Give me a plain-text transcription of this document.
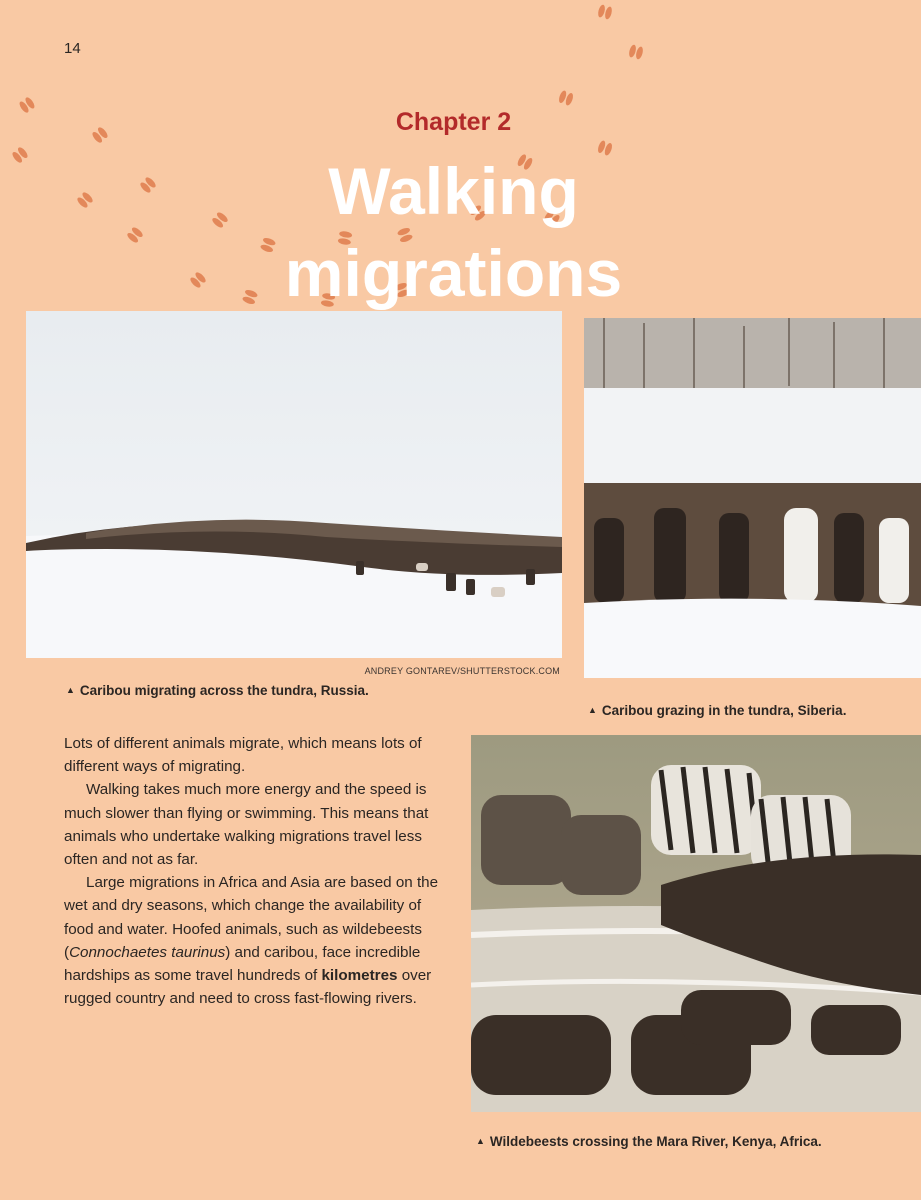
14
Chapter 2
Walking
migrations
ANDREY GONTAREV/SHUTTERSTOCK.COM
▲ Caribou migrating across the tundra, Russia.
▲ Caribou grazing in the tundra, Siberia.

Lots of different animals migrate, which means lots of different ways of migrating.

Walking takes much more energy and the speed is much slower than flying or swimming. This means that animals who undertake walking migrations travel less often and not as far.

Large migrations in Africa and Asia are based on the wet and dry seasons, which change the availability of food and water. Hoofed animals, such as wildebeests (Connochaetes taurinus) and caribou, face incredible hardships as some travel hundreds of kilometres over rugged country and need to cross fast-flowing rivers.

▲ Wildebeests crossing the Mara River, Kenya, Africa.
